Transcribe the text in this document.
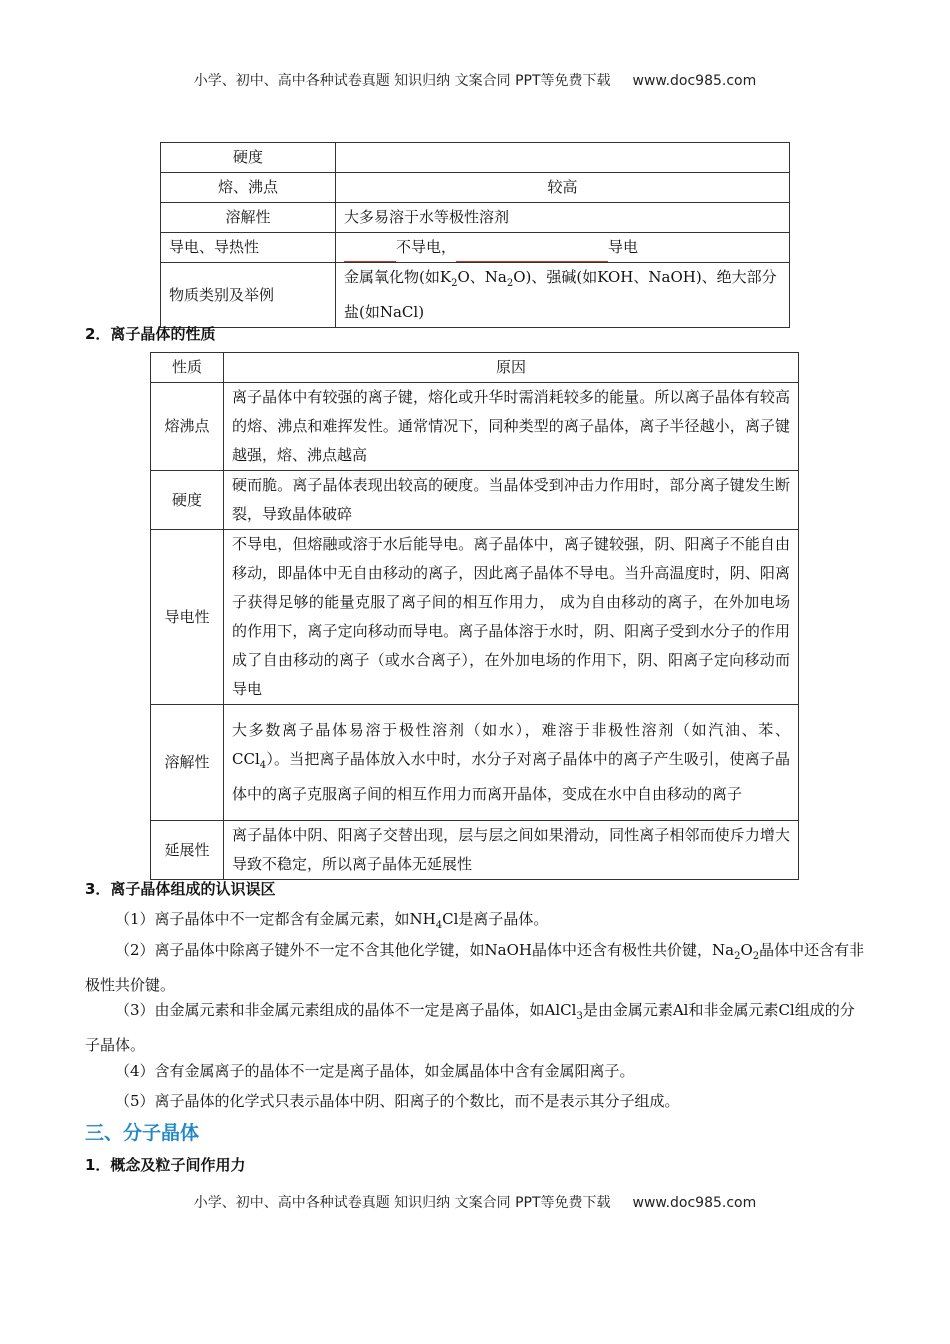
小学、初中、高中各种试卷真题 知识归纳 文案合同 PPT等免费下载 www.doc985.com
硬度	
熔、沸点	较高
溶解性	大多易溶于水等极性溶剂
导电、导热性	不导电， 导电
物质类别及举例	金属氧化物(如$K_2O$、$Na_2O$)、强碱(如KOH、NaOH)、绝大部分盐(如NaCl)
2．离子晶体的性质
性质	原因
熔沸点	离子晶体中有较强的离子键，熔化或升华时需消耗较多的能量。所以离子晶体有较高的熔、沸点和难挥发性。通常情况下，同种类型的离子晶体，离子半径越小，离子键越强，熔、沸点越高
硬度	硬而脆。离子晶体表现出较高的硬度。当晶体受到冲击力作用时，部分离子键发生断裂，导致晶体破碎
导电性	不导电，但熔融或溶于水后能导电。离子晶体中，离子键较强，阴、阳离子不能自由移动，即晶体中无自由移动的离子，因此离子晶体不导电。当升高温度时，阴、阳离子获得足够的能量克服了离子间的相互作用力， 成为自由移动的离子，在外加电场的作用下，离子定向移动而导电。离子晶体溶于水时，阴、阳离子受到水分子的作用成了自由移动的离子（或水合离子），在外加电场的作用下，阴、阳离子定向移动而导电
溶解性	大多数离子晶体易溶于极性溶剂（如水），难溶于非极性溶剂（如汽油、苯、CCl$_4$）。当把离子晶体放入水中时，水分子对离子晶体中的离子产生吸引，使离子晶体中的离子克服离子间的相互作用力而离开晶体，变成在水中自由移动的离子
延展性	离子晶体中阴、阳离子交替出现，层与层之间如果滑动，同性离子相邻而使斥力增大导致不稳定，所以离子晶体无延展性
3．离子晶体组成的认识误区

（1）离子晶体中不一定都含有金属元素，如$NH_4Cl$是离子晶体。

（2）离子晶体中除离子键外不一定不含其他化学键，如NaOH晶体中还含有极性共价键，$Na_2O_2$晶体中还含有非极性共价键。

（3）由金属元素和非金属元素组成的晶体不一定是离子晶体，如AlCl$_3$是由金属元素Al和非金属元素Cl组成的分子晶体。

（4）含有金属离子的晶体不一定是离子晶体，如金属晶体中含有金属阳离子。

（5）离子晶体的化学式只表示晶体中阴、阳离子的个数比，而不是表示其分子组成。

三、分子晶体
1．概念及粒子间作用力
小学、初中、高中各种试卷真题 知识归纳 文案合同 PPT等免费下载 www.doc985.com
